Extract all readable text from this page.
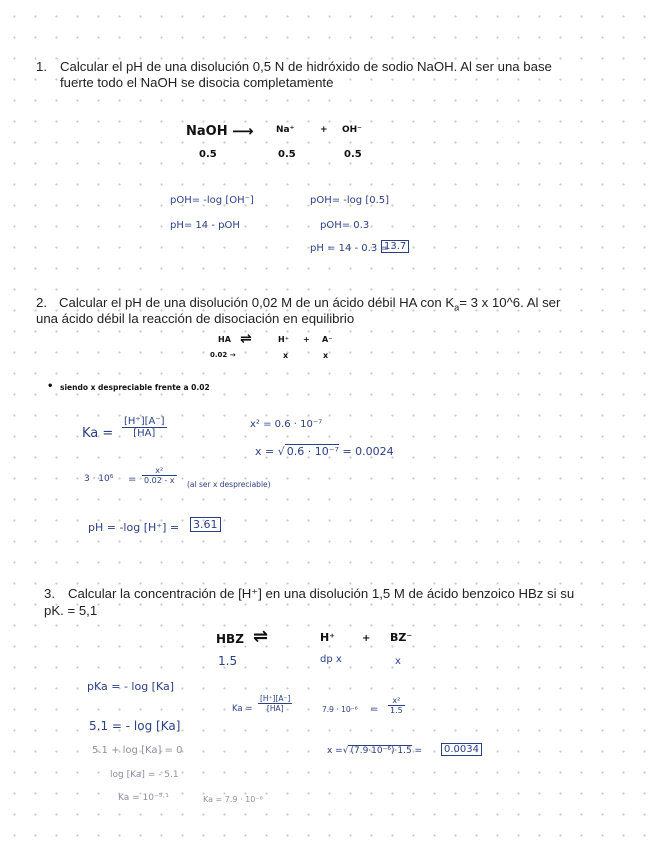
1. Calcular el pH de una disolución 0,5 N de hidróxido de sodio NaOH. Al ser una base
fuerte todo el NaOH se disocia completamente
NaOH ⟶ Na⁺	+ OH⁻
0.5	0.5	0.5
pOH= -log [OH⁻]
pH= 14 - pOH
pOH= -log [0.5]
pOH= 0.3
pH = 14 - 0.3 =
13.7
2. Calcular el pH de una disolución 0,02 M de un ácido débil HA con $K_a= 3$ x 10^6. Al ser
una ácido débil la reacción de disociación en equilibrio
HA ⇌	H⁺ + A⁻
0.02 →	x	x
• siendo x despreciable frente a 0.02
$Ka = \frac{[H^+][A^-]}{[HA]}$	x² = 0.6 · 10⁻⁷
x = √ 0.6 · 10⁻⁷ = 0.0024
$3 \cdot 10^6 = \frac{\text{x²}}{0.02 - x} (al$ ser x despreciable)
pH = -log [H⁺] = 3.61
3. Calcular la concentración de [H⁺] en una disolución 1,5 M de ácido benzoico HBz si su
pK. = 5,1
HBZ ⇌	H⁺	+ BZ⁻
1.5	dp x	x
pKa = - log [Ka]
5.1 = - log [Ka]
$Ka = \frac{[H^+][A^-]}{[HA]}$	$7.9 \cdot 10^{-6} = \frac{\text{x²}}{1.5}$
5.1 + log [Ka] = 0
log [Ka] = - 5.1
Ka = 10⁻⁵·¹	Ka = 7.9 · 10⁻⁶
x =√ (7.9·10⁻⁶)·1.5 =	0.0034
